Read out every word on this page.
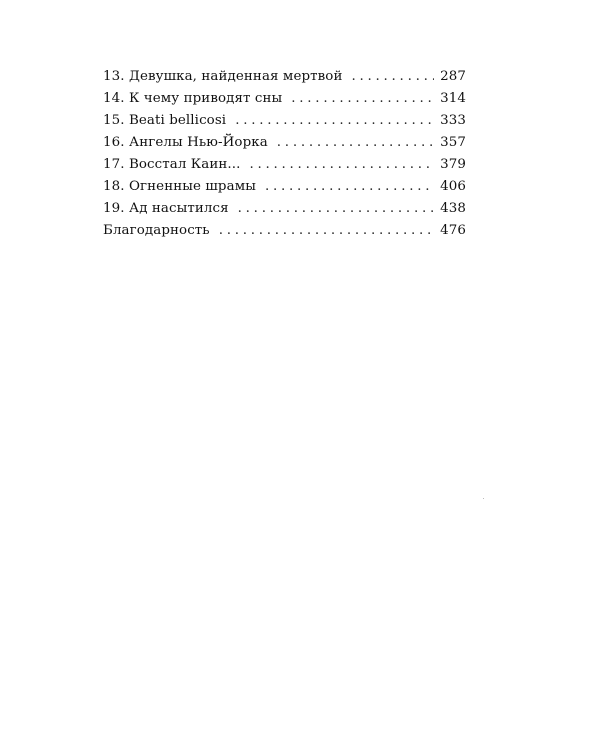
13. Девушка, найденная мертвой . . .	287
14. К чему приводят сны . . .	314
15. Beati bellicosi . . .	333
16. Ангелы Нью-Йорка . . .	357
17. Восстал Каин... . . .	379
18. Огненные шрамы . . .	406
19. Ад насытился . . .	438
Благодарность . . .	476
